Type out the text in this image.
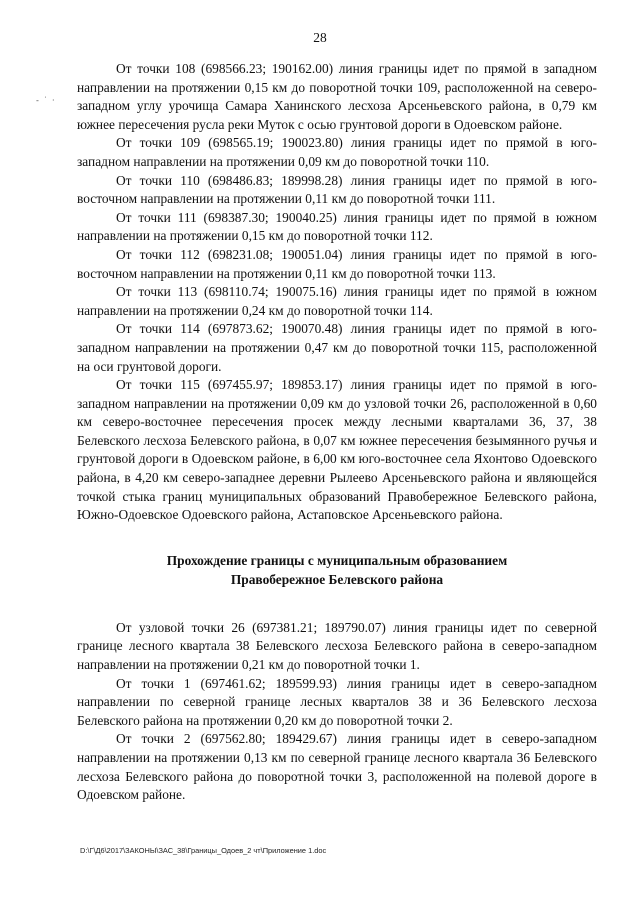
28
- ˙ ·

От точки 108 (698566.23; 190162.00) линия границы идет по прямой в западном направлении на протяжении 0,15 км до поворотной точки 109, расположенной на северо-западном углу урочища Самара Ханинского лесхоза Арсеньевского района, в 0,79 км южнее пересечения русла реки Муток с осью грунтовой дороги в Одоевском районе.

От точки 109 (698565.19; 190023.80) линия границы идет по прямой в юго-западном направлении на протяжении 0,09 км до поворотной точки 110.

От точки 110 (698486.83; 189998.28) линия границы идет по прямой в юго-восточном направлении на протяжении 0,11 км до поворотной точки 111.

От точки 111 (698387.30; 190040.25) линия границы идет по прямой в южном направлении на протяжении 0,15 км до поворотной точки 112.

От точки 112 (698231.08; 190051.04) линия границы идет по прямой в юго-восточном направлении на протяжении 0,11 км до поворотной точки 113.

От точки 113 (698110.74; 190075.16) линия границы идет по прямой в южном направлении на протяжении 0,24 км до поворотной точки 114.

От точки 114 (697873.62; 190070.48) линия границы идет по прямой в юго-западном направлении на протяжении 0,47 км до поворотной точки 115, расположенной на оси грунтовой дороги.

От точки 115 (697455.97; 189853.17) линия границы идет по прямой в юго-западном направлении на протяжении 0,09 км до узловой точки 26, расположенной в 0,60 км северо-восточнее пересечения просек между лесными кварталами 36, 37, 38 Белевского лесхоза Белевского района, в 0,07 км южнее пересечения безымянного ручья и грунтовой дороги в Одоевском районе, в 6,00 км юго-восточнее села Яхонтово Одоевского района, в 4,20 км северо-западнее деревни Рылеево Арсеньевского района и являющейся точкой стыка границ муниципальных образований Правобережное Белевского района, Южно-Одоевское Одоевского района, Астаповское Арсеньевского района.

Прохождение границы с муниципальным образованием
Правобережное Белевского района

От узловой точки 26 (697381.21; 189790.07) линия границы идет по северной границе лесного квартала 38 Белевского лесхоза Белевского района в северо-западном направлении на протяжении 0,21 км до поворотной точки 1.

От точки 1 (697461.62; 189599.93) линия границы идет в северо-западном направлении по северной границе лесных кварталов 38 и 36 Белевского лесхоза Белевского района на протяжении 0,20 км до поворотной точки 2.

От точки 2 (697562.80; 189429.67) линия границы идет в северо-западном направлении на протяжении 0,13 км по северной границе лесного квартала 36 Белевского лесхоза Белевского района до поворотной точки 3, расположенной на полевой дороге в Одоевском районе.

D:\Г\Д6\2017\ЗАКОНЫ\ЗАС_38\Границы_Одоев_2 чт\Приложение 1.doc
